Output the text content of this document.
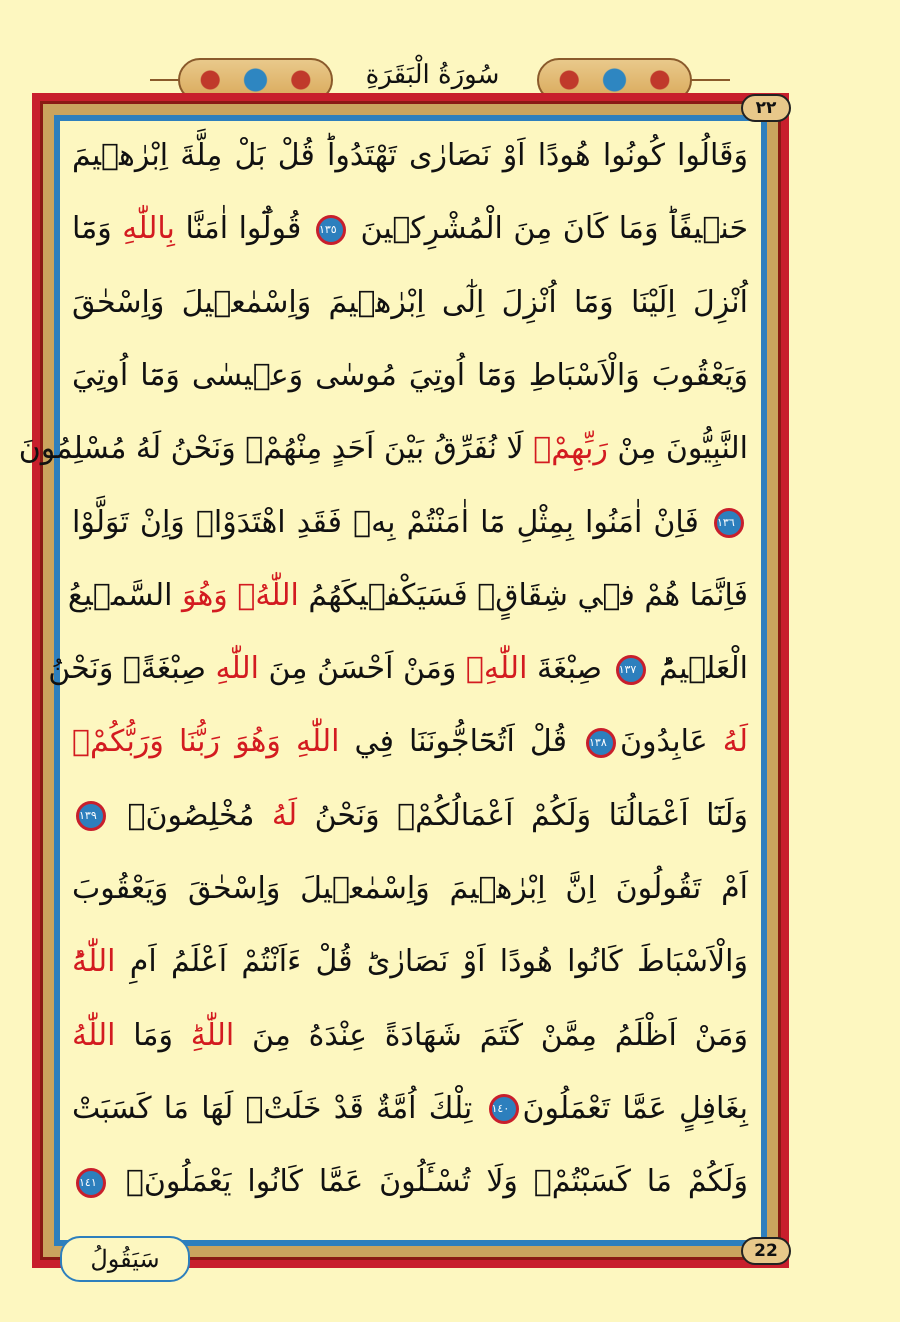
سُورَةُ الْبَقَرَةِ
٢٢
وَقَالُوا كُونُوا هُودًا اَوْ نَصَارٰى تَهْتَدُواؕ قُلْ بَلْ مِلَّةَ اِبْرٰهٖيمَ
حَنٖيفًاؕ وَمَا كَانَ مِنَ الْمُشْرِكٖينَ ١٣٥ قُولُٓوا اٰمَنَّا بِاللّٰهِ وَمَٓا
اُنْزِلَ اِلَيْنَا وَمَٓا اُنْزِلَ اِلٰٓى اِبْرٰهٖيمَ وَاِسْمٰعٖيلَ وَاِسْحٰقَ
وَيَعْقُوبَ وَالْاَسْبَاطِ وَمَٓا اُوتِيَ مُوسٰى وَعٖيسٰى وَمَٓا اُوتِيَ
النَّبِيُّونَ مِنْ رَبِّهِمْۚ لَا نُفَرِّقُ بَيْنَ اَحَدٍ مِنْهُمْۘ وَنَحْنُ لَهُ مُسْلِمُونَ
١٣٦ فَاِنْ اٰمَنُوا بِمِثْلِ مَٓا اٰمَنْتُمْ بِهٖ فَقَدِ اهْتَدَوْاۚ وَاِنْ تَوَلَّوْا
فَاِنَّمَا هُمْ فٖي شِقَاقٍۚ فَسَيَكْفٖيكَهُمُ اللّٰهُۚ وَهُوَ السَّمٖيعُ
الْعَلٖيمُؕ ١٣٧ صِبْغَةَ اللّٰهِۚ وَمَنْ اَحْسَنُ مِنَ اللّٰهِ صِبْغَةًؗ وَنَحْنُ
لَهُ عَابِدُونَ١٣٨ قُلْ اَتُحَٓاجُّونَنَا فِي اللّٰهِ وَهُوَ رَبُّنَا وَرَبُّكُمْۚ
وَلَنَٓا اَعْمَالُنَا وَلَكُمْ اَعْمَالُكُمْۚ وَنَحْنُ لَهُ مُخْلِصُونَۙ ١٣٩
اَمْ تَقُولُونَ اِنَّ اِبْرٰهٖيمَ وَاِسْمٰعٖيلَ وَاِسْحٰقَ وَيَعْقُوبَ
وَالْاَسْبَاطَ كَانُوا هُودًا اَوْ نَصَارٰىؕ قُلْ ءَاَنْتُمْ اَعْلَمُ اَمِ اللّٰهُؕ
وَمَنْ اَظْلَمُ مِمَّنْ كَتَمَ شَهَادَةً عِنْدَهُ مِنَ اللّٰهِؕ وَمَا اللّٰهُ
بِغَافِلٍ عَمَّا تَعْمَلُونَ١٤٠ تِلْكَ اُمَّةٌ قَدْ خَلَتْۚ لَهَا مَا كَسَبَتْ
وَلَكُمْ مَا كَسَبْتُمْۚ وَلَا تُسْـَٔلُونَ عَمَّا كَانُوا يَعْمَلُونَ۟ ١٤١
سَيَقُولُ	22
